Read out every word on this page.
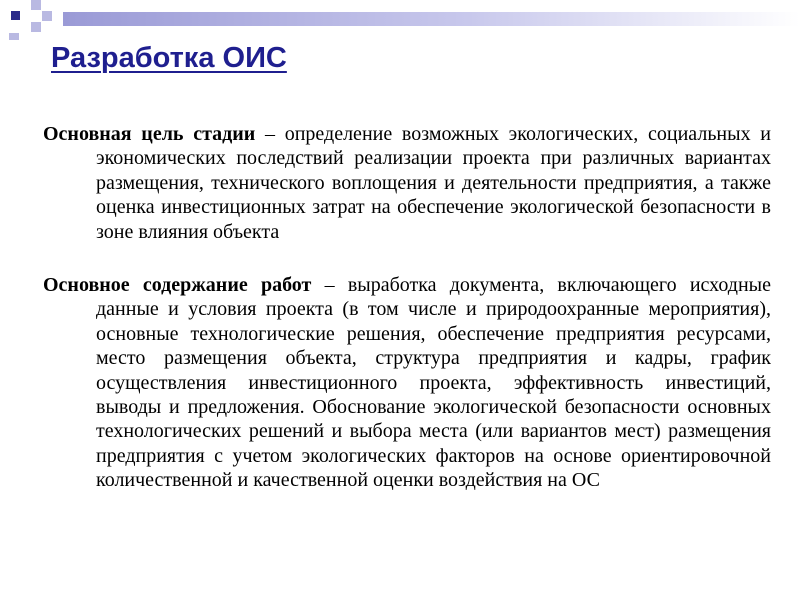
Разработка ОИС

Основная цель стадии – определение возможных экологических, социальных и экономических последствий реализации проекта при различных вариантах размещения, технического воплощения и деятельности предприятия, а также оценка инвестиционных затрат на обеспечение экологической безопасности в зоне влияния объекта

Основное содержание работ – выработка документа, включающего исходные данные и условия проекта (в том числе и природоохранные мероприятия), основные технологические решения, обеспечение предприятия ресурсами, место размещения объекта, структура предприятия и кадры, график осуществления инвестиционного проекта, эффективность инвестиций, выводы и предложения. Обоснование экологической безопасности основных технологических решений и выбора места (или вариантов мест) размещения предприятия с учетом экологических факторов на основе ориентировочной количественной и качественной оценки воздействия на ОС
